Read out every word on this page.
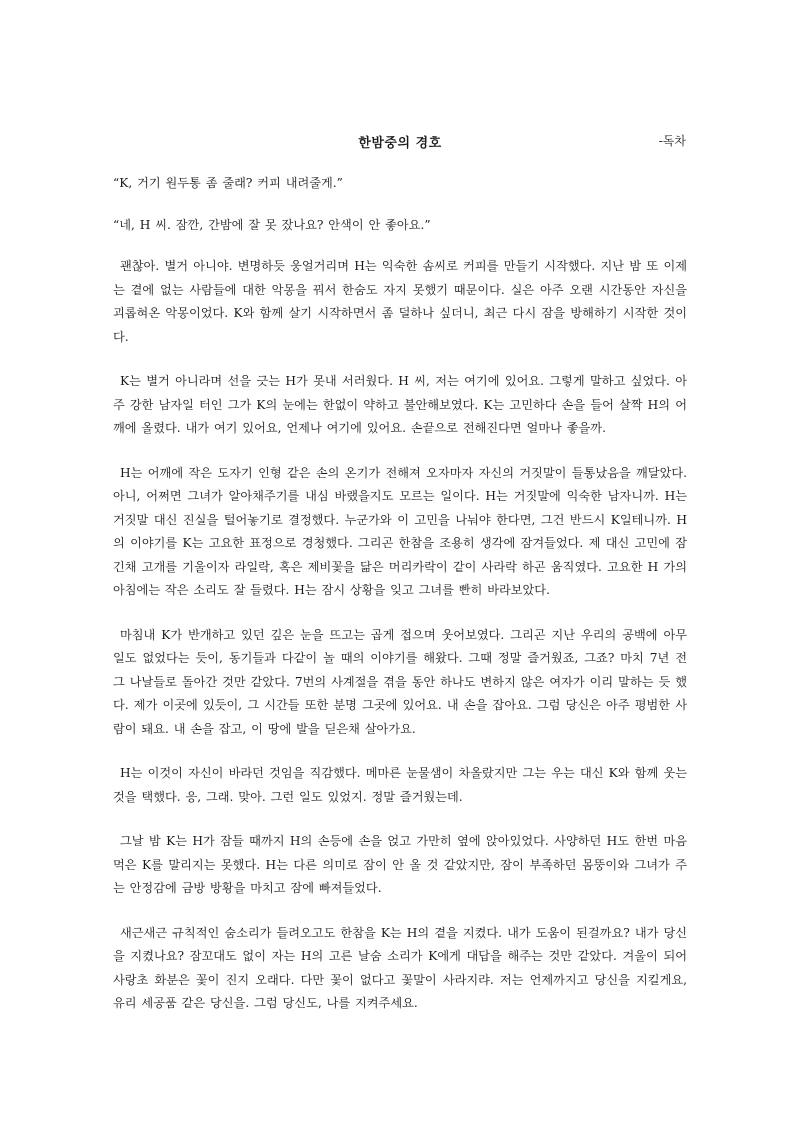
한밤중의 경호	-독차

“K, 거기 원두통 좀 줄래? 커피 내려줄게.”

“네, H 씨. 잠깐, 간밤에 잘 못 잤나요? 안색이 안 좋아요.”

괜찮아. 별거 아니야. 변명하듯 웅얼거리며 H는 익숙한 솜씨로 커피를 만들기 시작했다. 지난 밤 또 이제는 곁에 없는 사람들에 대한 악몽을 꿔서 한숨도 자지 못했기 때문이다. 실은 아주 오랜 시간동안 자신을 괴롭혀온 악몽이었다. K와 함께 살기 시작하면서 좀 덜하나 싶더니, 최근 다시 잠을 방해하기 시작한 것이다.

K는 별거 아니라며 선을 긋는 H가 못내 서러웠다. H 씨, 저는 여기에 있어요. 그렇게 말하고 싶었다. 아주 강한 남자일 터인 그가 K의 눈에는 한없이 약하고 불안해보였다. K는 고민하다 손을 들어 살짝 H의 어깨에 올렸다. 내가 여기 있어요, 언제나 여기에 있어요. 손끝으로 전해진다면 얼마나 좋을까.

H는 어깨에 작은 도자기 인형 같은 손의 온기가 전해져 오자마자 자신의 거짓말이 들통났음을 깨달았다. 아니, 어쩌면 그녀가 알아채주기를 내심 바랬을지도 모르는 일이다. H는 거짓말에 익숙한 남자니까. H는 거짓말 대신 진실을 털어놓기로 결정했다. 누군가와 이 고민을 나눠야 한다면, 그건 반드시 K일테니까. H의 이야기를 K는 고요한 표정으로 경청했다. 그리곤 한참을 조용히 생각에 잠겨들었다. 제 대신 고민에 잠긴채 고개를 기울이자 라일락, 혹은 제비꽃을 닮은 머리카락이 같이 사라락 하곤 움직였다. 고요한 H 가의 아침에는 작은 소리도 잘 들렸다. H는 잠시 상황을 잊고 그녀를 빤히 바라보았다.

마침내 K가 반개하고 있던 깊은 눈을 뜨고는 곱게 접으며 웃어보였다. 그리곤 지난 우리의 공백에 아무 일도 없었다는 듯이, 동기들과 다같이 놀 때의 이야기를 해왔다. 그때 정말 즐거웠죠, 그죠? 마치 7년 전 그 나날들로 돌아간 것만 같았다. 7번의 사계절을 겪을 동안 하나도 변하지 않은 여자가 이리 말하는 듯 했다. 제가 이곳에 있듯이, 그 시간들 또한 분명 그곳에 있어요. 내 손을 잡아요. 그럼 당신은 아주 평범한 사람이 돼요. 내 손을 잡고, 이 땅에 발을 딛은채 살아가요.

H는 이것이 자신이 바라던 것임을 직감했다. 메마른 눈물샘이 차올랐지만 그는 우는 대신 K와 함께 웃는 것을 택했다. 응, 그래. 맞아. 그런 일도 있었지. 정말 즐거웠는데.

그날 밤 K는 H가 잠들 때까지 H의 손등에 손을 얹고 가만히 옆에 앉아있었다. 사양하던 H도 한번 마음먹은 K를 말리지는 못했다. H는 다른 의미로 잠이 안 올 것 같았지만, 잠이 부족하던 몸뚱이와 그녀가 주는 안정감에 금방 방황을 마치고 잠에 빠져들었다.

새근새근 규칙적인 숨소리가 들려오고도 한참을 K는 H의 곁을 지켰다. 내가 도움이 된걸까요? 내가 당신을 지켰나요? 잠꼬대도 없이 자는 H의 고른 날숨 소리가 K에게 대답을 해주는 것만 같았다. 겨울이 되어 사랑초 화분은 꽃이 진지 오래다. 다만 꽃이 없다고 꽃말이 사라지랴. 저는 언제까지고 당신을 지킬게요, 유리 세공품 같은 당신을. 그럼 당신도, 나를 지켜주세요.
